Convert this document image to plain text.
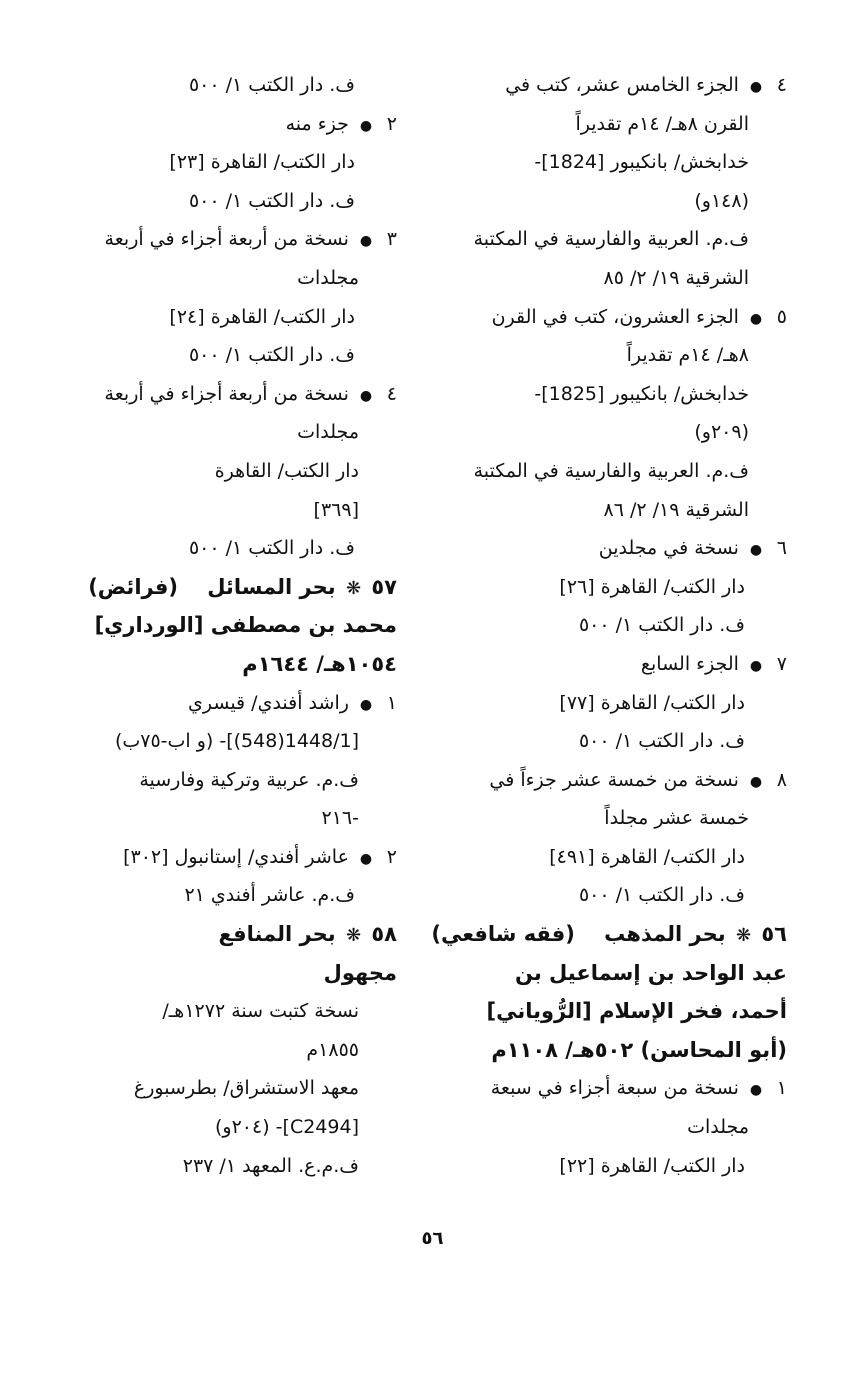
٤ ● الجزء الخامس عشر، كتب في
القرن ٨هـ/ ١٤م تقديراً
خدابخش/ بانكيبور [1824]-
(١٤٨و)
ف.م. العربية والفارسية في المكتبة
الشرقية ١٩/ ٢/ ٨٥
٥ ● الجزء العشرون، كتب في القرن
٨هـ/ ١٤م تقديراً
خدابخش/ بانكيبور [1825]-
(٢٠٩و)
ف.م. العربية والفارسية في المكتبة
الشرقية ١٩/ ٢/ ٨٦
٦ ● نسخة في مجلدين
دار الكتب/ القاهرة [٢٦]
ف. دار الكتب ١/ ٥٠٠
٧ ● الجزء السابع
دار الكتب/ القاهرة [٧٧]
ف. دار الكتب ١/ ٥٠٠
٨ ● نسخة من خمسة عشر جزءاً في
خمسة عشر مجلداً
دار الكتب/ القاهرة [٤٩١]
ف. دار الكتب ١/ ٥٠٠
٥٦ ❋ بحر المذهب    (فقه شافعي)
عبد الواحد بن إسماعيل بن
أحمد، فخر الإسلام [الرُّوياني]
(أبو المحاسن) ٥٠٢هـ/ ١١٠٨م
١ ● نسخة من سبعة أجزاء في سبعة
مجلدات
دار الكتب/ القاهرة [٢٢]
ف. دار الكتب ١/ ٥٠٠
٢ ● جزء منه
دار الكتب/ القاهرة [٢٣]
ف. دار الكتب ١/ ٥٠٠
٣ ● نسخة من أربعة أجزاء في أربعة
مجلدات
دار الكتب/ القاهرة [٢٤]
ف. دار الكتب ١/ ٥٠٠
٤ ● نسخة من أربعة أجزاء في أربعة
مجلدات
دار الكتب/ القاهرة
[٣٦٩]
ف. دار الكتب ١/ ٥٠٠
٥٧ ❋ بحر المسائل    (فرائض)
محمد بن مصطفى [الورداري]
١٠٥٤هـ/ ١٦٤٤م
١ ● راشد أفندي/ قيسري
[1448/1(548)]- (و اب-٧٥ب)
ف.م. عربية وتركية وفارسية
-٢١٦
٢ ● عاشر أفندي/ إستانبول [٣٠٢]
ف.م. عاشر أفندي ٢١
٥٨ ❋ بحر المنافع
مجهول
نسخة كتبت سنة ١٢٧٢هـ/
١٨٥٥م
معهد الاستشراق/ بطرسبورغ
[C2494]- (٢٠٤و)
ف.م.ع. المعهد ١/ ٢٣٧
٥٦
